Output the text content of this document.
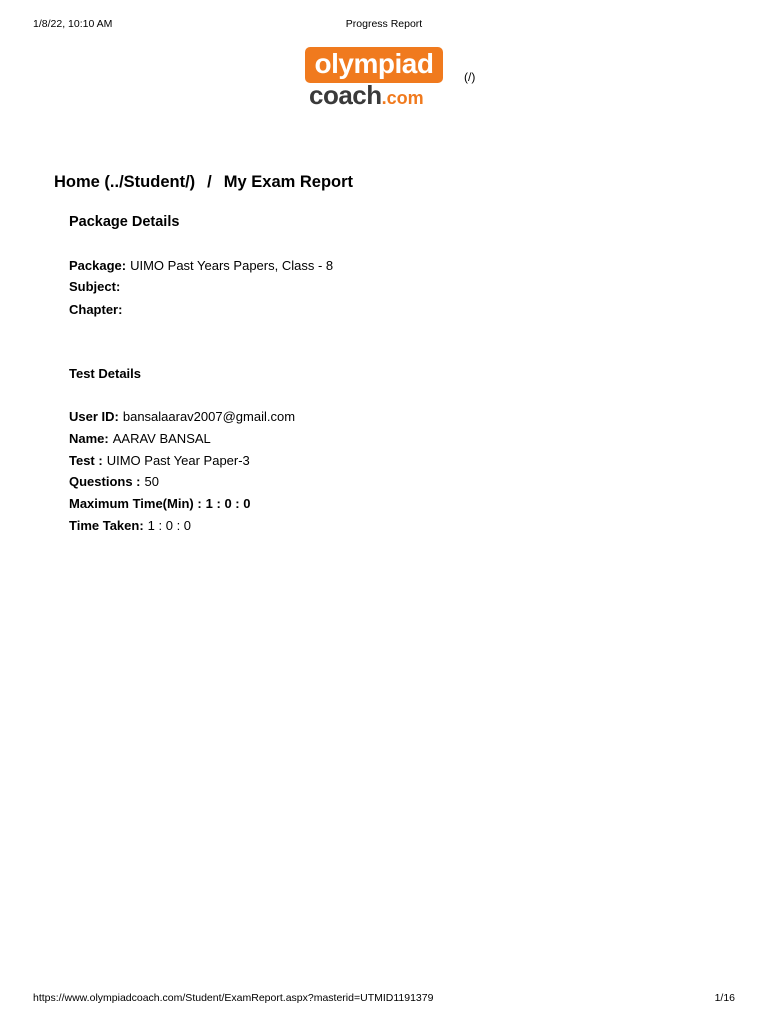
1/8/22, 10:10 AM	Progress Report
olympiad
coach.com
(/)
Home (../Student/) / My Exam Report
Package Details
Package: UIMO Past Years Papers, Class - 8
Subject:
Chapter:
Test Details
User ID: bansalaarav2007@gmail.com
Name: AARAV BANSAL
Test : UIMO Past Year Paper-3
Questions : 50
Maximum Time(Min) : 1 : 0 : 0
Time Taken: 1 : 0 : 0
https://www.olympiadcoach.com/Student/ExamReport.aspx?masterid=UTMID1191379	1/16
